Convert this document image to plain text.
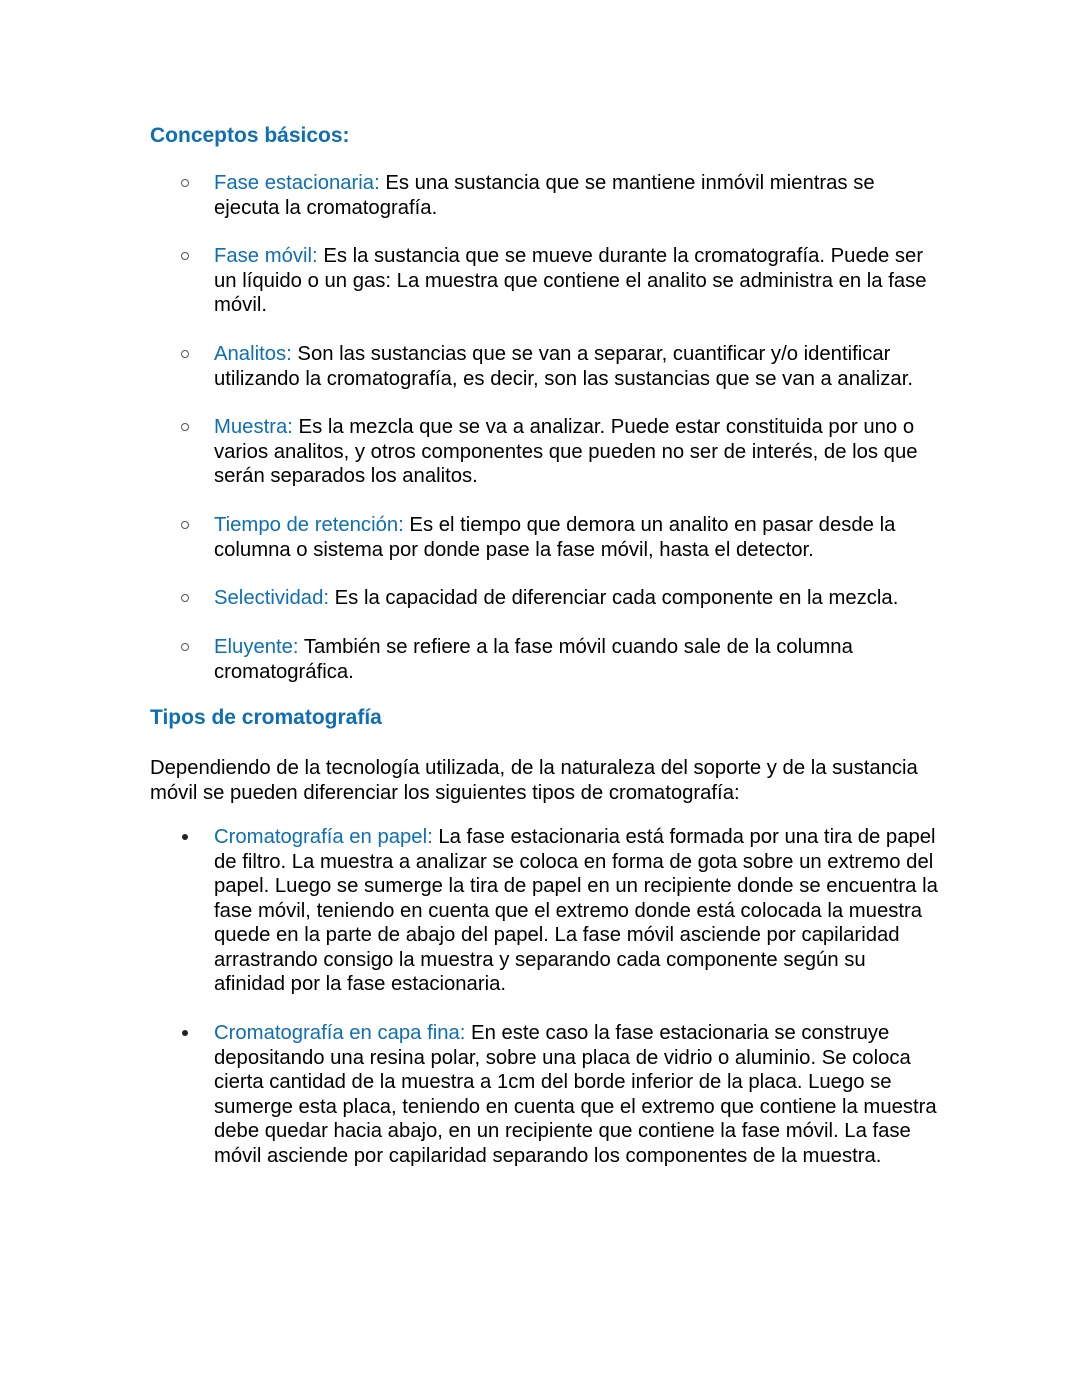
Conceptos básicos:
Fase estacionaria: Es una sustancia que se mantiene inmóvil mientras se ejecuta la cromatografía.
Fase móvil: Es la sustancia que se mueve durante la cromatografía. Puede ser un líquido o un gas: La muestra que contiene el analito se administra en la fase móvil.
Analitos: Son las sustancias que se van a separar, cuantificar y/o identificar utilizando la cromatografía, es decir, son las sustancias que se van a analizar.
Muestra: Es la mezcla que se va a analizar. Puede estar constituida por uno o varios analitos, y otros componentes que pueden no ser de interés, de los que serán separados los analitos.
Tiempo de retención: Es el tiempo que demora un analito en pasar desde la columna o sistema por donde pase la fase móvil, hasta el detector.
Selectividad: Es la capacidad de diferenciar cada componente en la mezcla.
Eluyente: También se refiere a la fase móvil cuando sale de la columna cromatográfica.
Tipos de cromatografía

Dependiendo de la tecnología utilizada, de la naturaleza del soporte y de la sustancia móvil se pueden diferenciar los siguientes tipos de cromatografía:

Cromatografía en papel: La fase estacionaria está formada por una tira de papel de filtro. La muestra a analizar se coloca en forma de gota sobre un extremo del papel. Luego se sumerge la tira de papel en un recipiente donde se encuentra la fase móvil, teniendo en cuenta que el extremo donde está colocada la muestra quede en la parte de abajo del papel. La fase móvil asciende por capilaridad arrastrando consigo la muestra y separando cada componente según su afinidad por la fase estacionaria.
Cromatografía en capa fina: En este caso la fase estacionaria se construye depositando una resina polar, sobre una placa de vidrio o aluminio. Se coloca cierta cantidad de la muestra a 1cm del borde inferior de la placa. Luego se sumerge esta placa, teniendo en cuenta que el extremo que contiene la muestra debe quedar hacia abajo, en un recipiente que contiene la fase móvil. La fase móvil asciende por capilaridad separando los componentes de la muestra.
